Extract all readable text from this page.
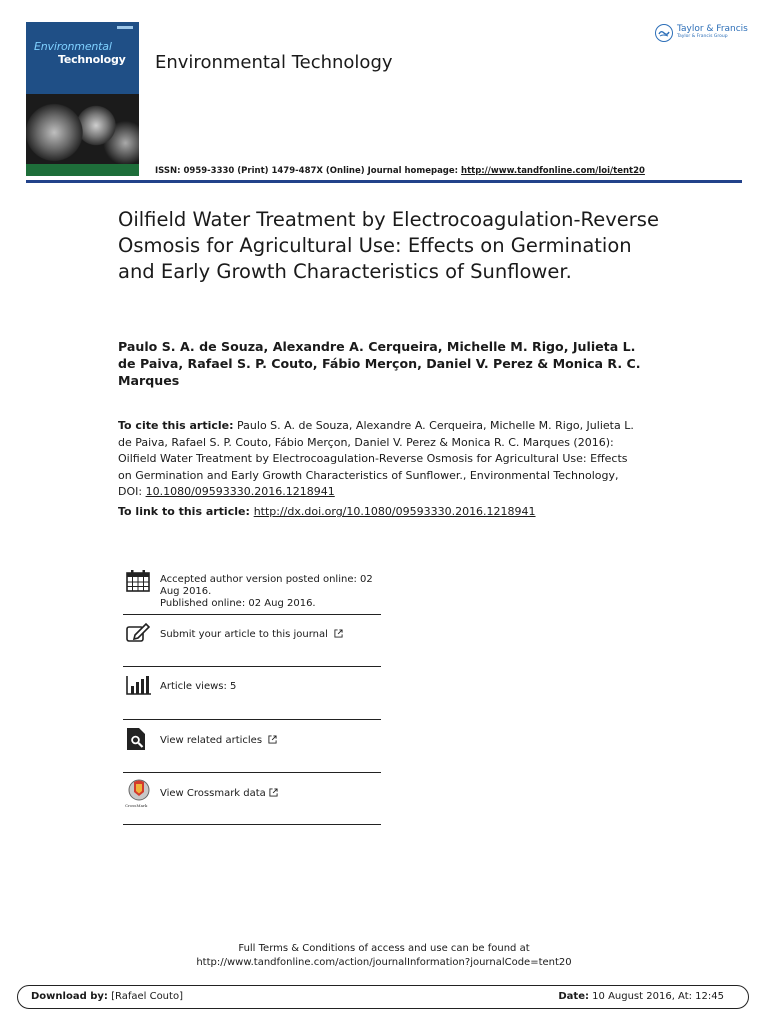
Environmental
Technology Environmental Technology
Taylor & Francis
Taylor & Francis Group
ISSN: 0959-3330 (Print) 1479-487X (Online) Journal homepage: http://www.tandfonline.com/loi/tent20
Oilfield Water Treatment by Electrocoagulation-Reverse Osmosis for Agricultural Use: Effects on Germination and Early Growth Characteristics of Sunflower.
Paulo S. A. de Souza, Alexandre A. Cerqueira, Michelle M. Rigo, Julieta L. de Paiva, Rafael S. P. Couto, Fábio Merçon, Daniel V. Perez & Monica R. C. Marques
To cite this article: Paulo S. A. de Souza, Alexandre A. Cerqueira, Michelle M. Rigo, Julieta L. de Paiva, Rafael S. P. Couto, Fábio Merçon, Daniel V. Perez & Monica R. C. Marques (2016): Oilfield Water Treatment by Electrocoagulation-Reverse Osmosis for Agricultural Use: Effects on Germination and Early Growth Characteristics of Sunflower., Environmental Technology, DOI: 10.1080/09593330.2016.1218941
To link to this article: http://dx.doi.org/10.1080/09593330.2016.1218941
Accepted author version posted online: 02
Aug 2016.
Published online: 02 Aug 2016.
Submit your article to this journal
Article views: 5
View related articles
CrossMark
View Crossmark data
Full Terms & Conditions of access and use can be found at
http://www.tandfonline.com/action/journalInformation?journalCode=tent20
Download by: [Rafael Couto]	Date: 10 August 2016, At: 12:45
